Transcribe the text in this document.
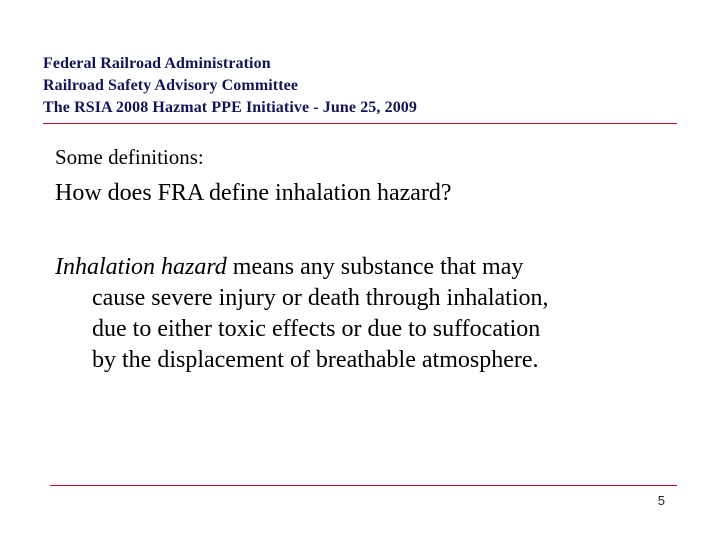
Federal Railroad Administration
Railroad Safety Advisory Committee
The RSIA 2008 Hazmat PPE Initiative - June 25, 2009
Some definitions:
How does FRA define inhalation hazard?
Inhalation hazard means any substance that may
cause severe injury or death through inhalation,
due to either toxic effects or due to suffocation
by the displacement of breathable atmosphere.
5
